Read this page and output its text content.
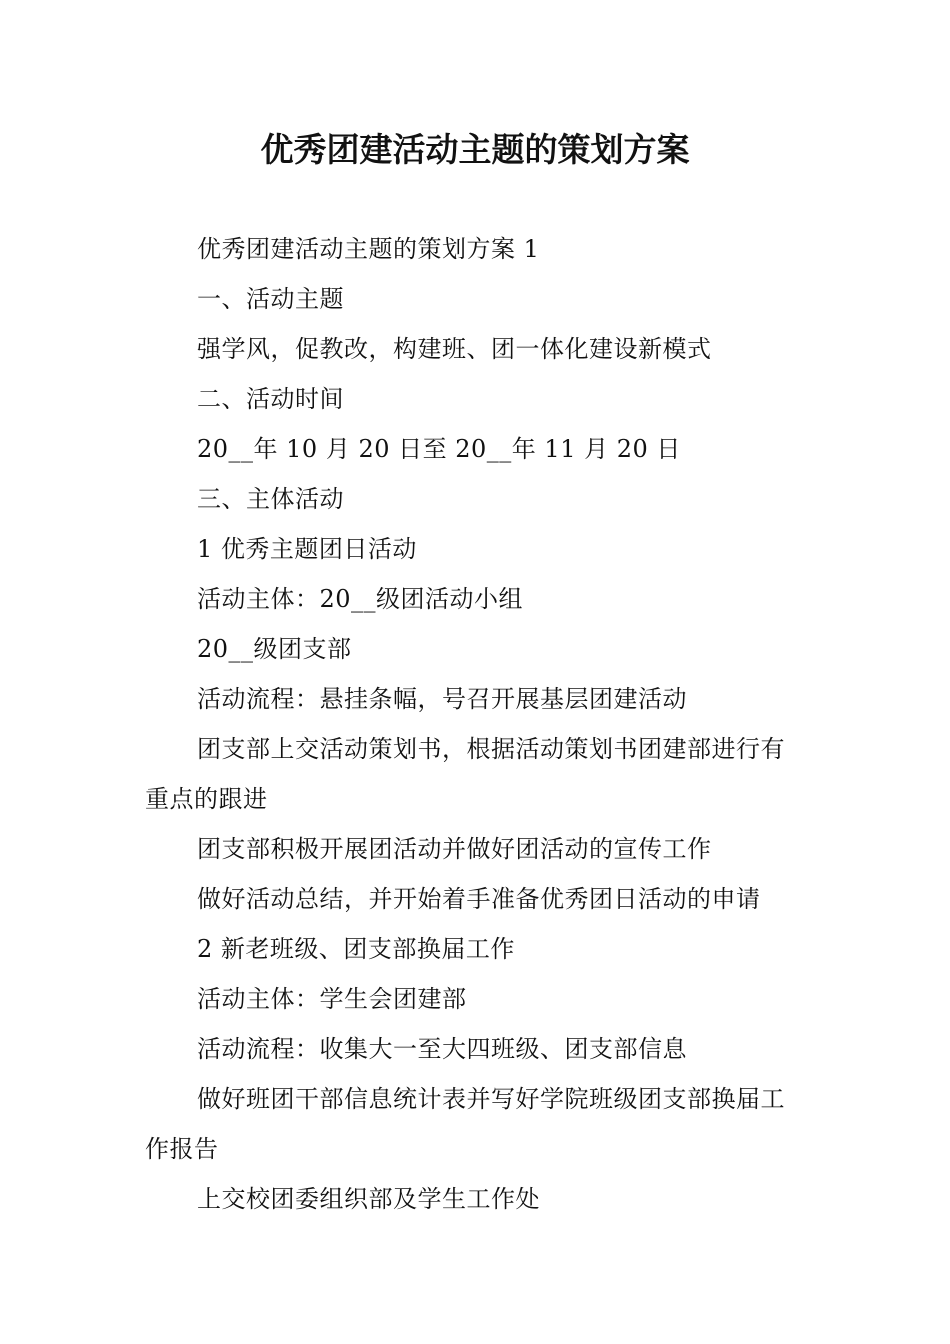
优秀团建活动主题的策划方案

优秀团建活动主题的策划方案 1

一、活动主题

强学风，促教改，构建班、团一体化建设新模式

二、活动时间

20__年 10 月 20 日至 20__年 11 月 20 日

三、主体活动

1 优秀主题团日活动

活动主体：20__级团活动小组

20__级团支部

活动流程：悬挂条幅，号召开展基层团建活动

团支部上交活动策划书，根据活动策划书团建部进行有重点的跟进

团支部积极开展团活动并做好团活动的宣传工作

做好活动总结，并开始着手准备优秀团日活动的申请

2 新老班级、团支部换届工作

活动主体：学生会团建部

活动流程：收集大一至大四班级、团支部信息

做好班团干部信息统计表并写好学院班级团支部换届工作报告

上交校团委组织部及学生工作处
